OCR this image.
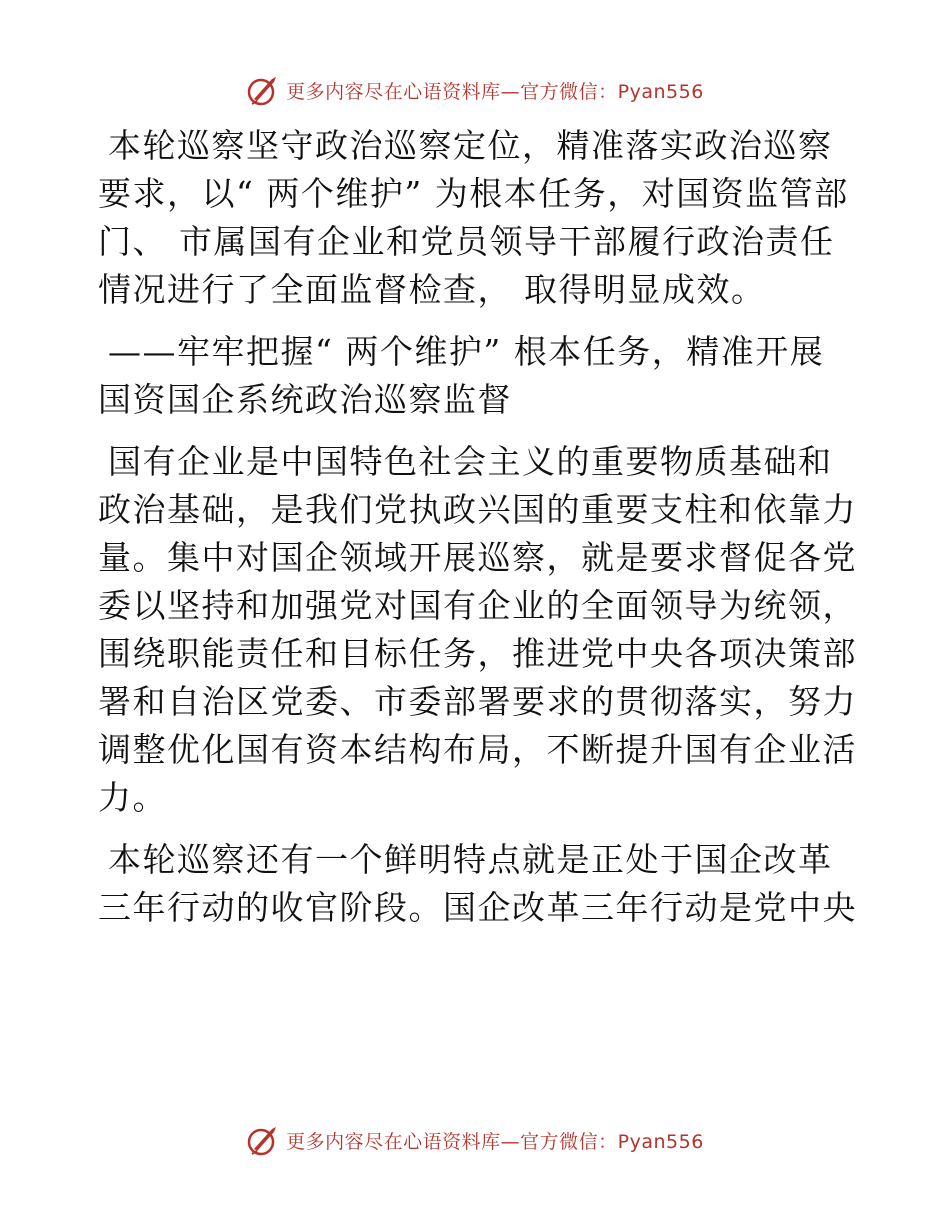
更多内容尽在心语资料库—官方微信：Pyan556

本轮巡察坚守政治巡察定位，精准落实政治巡察要求，以“ 两个维护” 为根本任务，对国资监管部门、 市属国有企业和党员领导干部履行政治责任情况进行了全面监督检查， 取得明显成效。

——牢牢把握“ 两个维护” 根本任务，精准开展国资国企系统政治巡察监督

国有企业是中国特色社会主义的重要物质基础和政治基础，是我们党执政兴国的重要支柱和依靠力量。集中对国企领域开展巡察，就是要求督促各党委以坚持和加强党对国有企业的全面领导为统领，围绕职能责任和目标任务，推进党中央各项决策部署和自治区党委、市委部署要求的贯彻落实，努力调整优化国有资本结构布局，不断提升国有企业活力。

本轮巡察还有一个鲜明特点就是正处于国企改革三年行动的收官阶段。国企改革三年行动是党中央

更多内容尽在心语资料库—官方微信：Pyan556
